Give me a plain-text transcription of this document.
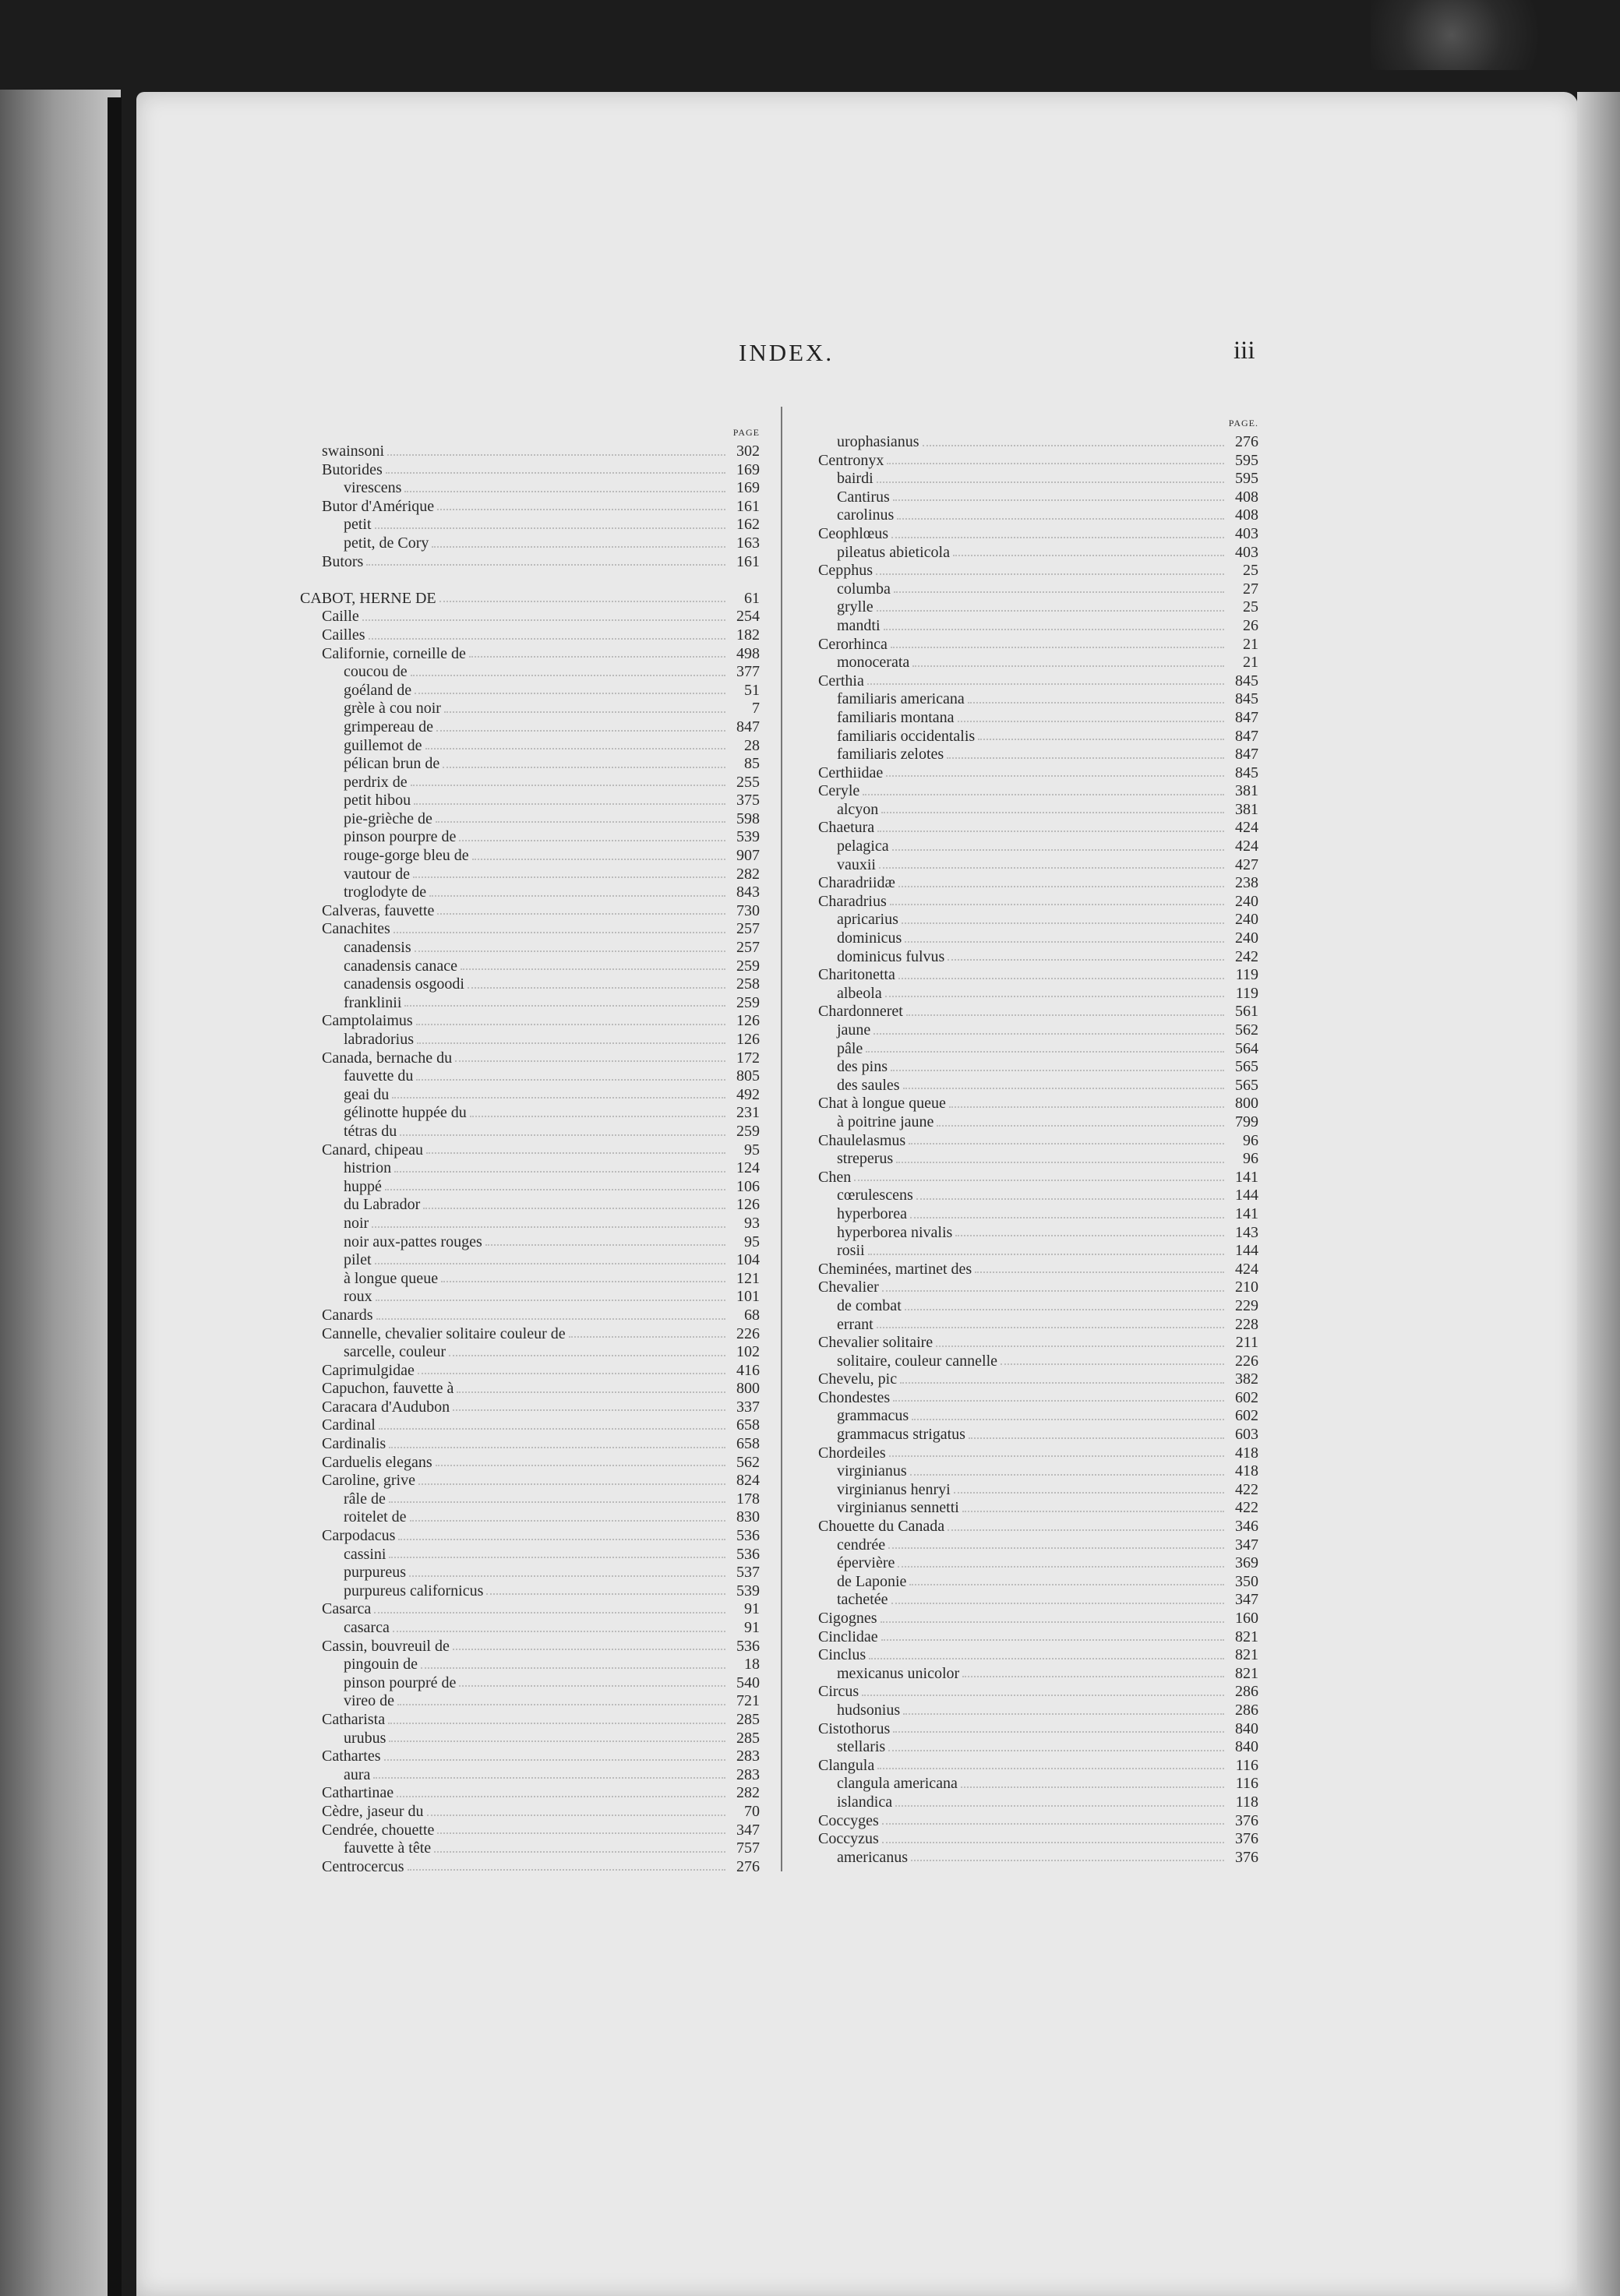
INDEX.	iii
PAGE
swainsoni	302
Butorides	169
virescens	169
Butor d'Amérique	161
petit	162
petit, de Cory	163
Butors	161
CABOT, HERNE DE	61
Caille	254
Cailles	182
Californie, corneille de	498
coucou de	377
goéland de	51
grèle à cou noir	7
grimpereau de	847
guillemot de	28
pélican brun de	85
perdrix de	255
petit hibou	375
pie-grièche de	598
pinson pourpre de	539
rouge-gorge bleu de	907
vautour de	282
troglodyte de	843
Calveras, fauvette	730
Canachites	257
canadensis	257
canadensis canace	259
canadensis osgoodi	258
franklinii	259
Camptolaimus	126
labradorius	126
Canada, bernache du	172
fauvette du	805
geai du	492
gélinotte huppée du	231
tétras du	259
Canard, chipeau	95
histrion	124
huppé	106
du Labrador	126
noir	93
noir aux-pattes rouges	95
pilet	104
à longue queue	121
roux	101
Canards	68
Cannelle, chevalier solitaire couleur de	226
sarcelle, couleur	102
Caprimulgidae	416
Capuchon, fauvette à	800
Caracara d'Audubon	337
Cardinal	658
Cardinalis	658
Carduelis elegans	562
Caroline, grive	824
râle de	178
roitelet de	830
Carpodacus	536
cassini	536
purpureus	537
purpureus californicus	539
Casarca	91
casarca	91
Cassin, bouvreuil de	536
pingouin de	18
pinson pourpré de	540
vireo de	721
Catharista	285
urubus	285
Cathartes	283
aura	283
Cathartinae	282
Cèdre, jaseur du	70
Cendrée, chouette	347
fauvette à tête	757
Centrocercus	276
PAGE.
urophasianus	276
Centronyx	595
bairdi	595
Cantirus	408
carolinus	408
Ceophlœus	403
pileatus abieticola	403
Cepphus	25
columba	27
grylle	25
mandti	26
Cerorhinca	21
monocerata	21
Certhia	845
familiaris americana	845
familiaris montana	847
familiaris occidentalis	847
familiaris zelotes	847
Certhiidae	845
Ceryle	381
alcyon	381
Chaetura	424
pelagica	424
vauxii	427
Charadriidæ	238
Charadrius	240
apricarius	240
dominicus	240
dominicus fulvus	242
Charitonetta	119
albeola	119
Chardonneret	561
jaune	562
pâle	564
des pins	565
des saules	565
Chat à longue queue	800
à poitrine jaune	799
Chaulelasmus	96
streperus	96
Chen	141
cœrulescens	144
hyperborea	141
hyperborea nivalis	143
rosii	144
Cheminées, martinet des	424
Chevalier	210
de combat	229
errant	228
Chevalier solitaire	211
solitaire, couleur cannelle	226
Chevelu, pic	382
Chondestes	602
grammacus	602
grammacus strigatus	603
Chordeiles	418
virginianus	418
virginianus henryi	422
virginianus sennetti	422
Chouette du Canada	346
cendrée	347
épervière	369
de Laponie	350
tachetée	347
Cigognes	160
Cinclidae	821
Cinclus	821
mexicanus unicolor	821
Circus	286
hudsonius	286
Cistothorus	840
stellaris	840
Clangula	116
clangula americana	116
islandica	118
Coccyges	376
Coccyzus	376
americanus	376
